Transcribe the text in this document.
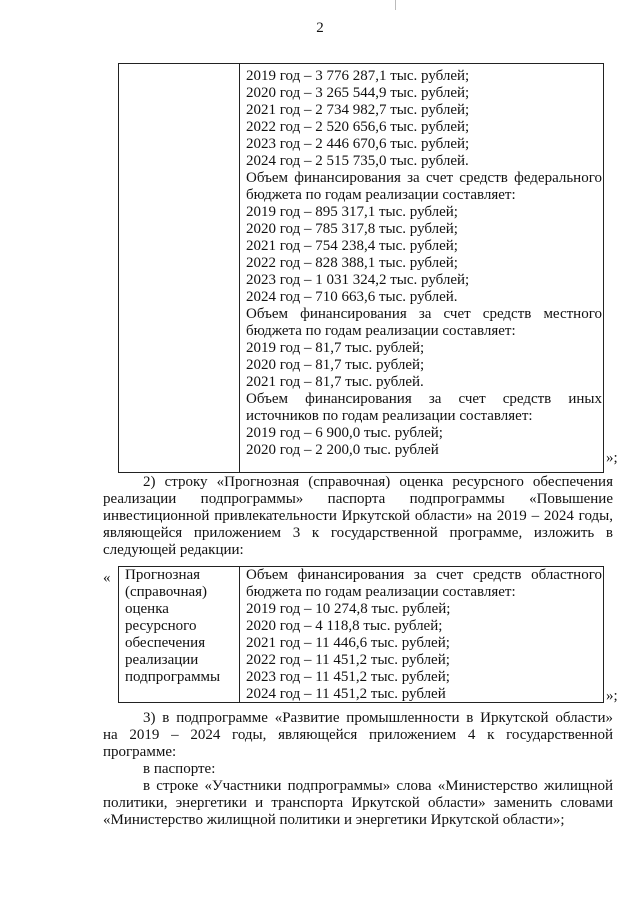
2
2019 год – 3 776 287,1 тыс. рублей;
2020 год – 3 265 544,9 тыс. рублей;
2021 год – 2 734 982,7 тыс. рублей;
2022 год – 2 520 656,6 тыс. рублей;
2023 год – 2 446 670,6 тыс. рублей;
2024 год – 2 515 735,0 тыс. рублей.
Объем финансирования за счет средств федерального
бюджета по годам реализации составляет:
2019 год – 895 317,1 тыс. рублей;
2020 год – 785 317,8 тыс. рублей;
2021 год – 754 238,4 тыс. рублей;
2022 год – 828 388,1 тыс. рублей;
2023 год – 1 031 324,2 тыс. рублей;
2024 год – 710 663,6 тыс. рублей.
Объем финансирования за счет средств местного
бюджета по годам реализации составляет:
2019 год – 81,7 тыс. рублей;
2020 год – 81,7 тыс. рублей;
2021 год – 81,7 тыс. рублей.
Объем финансирования за счет средств иных
источников по годам реализации составляет:
2019 год – 6 900,0 тыс. рублей;
2020 год – 2 200,0 тыс. рублей	»;
2) строку «Прогнозная (справочная) оценка ресурсного обеспечения
реализации подпрограммы» паспорта подпрограммы «Повышение
инвестиционной привлекательности Иркутской области» на 2019 – 2024 годы,
являющейся приложением 3 к государственной программе, изложить в
следующей редакции:
« Прогнозная
(справочная)
оценка
ресурсного
обеспечения
реализации
подпрограммы
Объем финансирования за счет средств областного
бюджета по годам реализации составляет:
2019 год – 10 274,8 тыс. рублей;
2020 год – 4 118,8 тыс. рублей;
2021 год – 11 446,6 тыс. рублей;
2022 год – 11 451,2 тыс. рублей;
2023 год – 11 451,2 тыс. рублей;
2024 год – 11 451,2 тыс. рублей	»;
3) в подпрограмме «Развитие промышленности в Иркутской области»
на 2019 – 2024 годы, являющейся приложением 4 к государственной
программе:
в паспорте:
в строке «Участники подпрограммы» слова «Министерство жилищной
политики, энергетики и транспорта Иркутской области» заменить словами
«Министерство жилищной политики и энергетики Иркутской области»;
